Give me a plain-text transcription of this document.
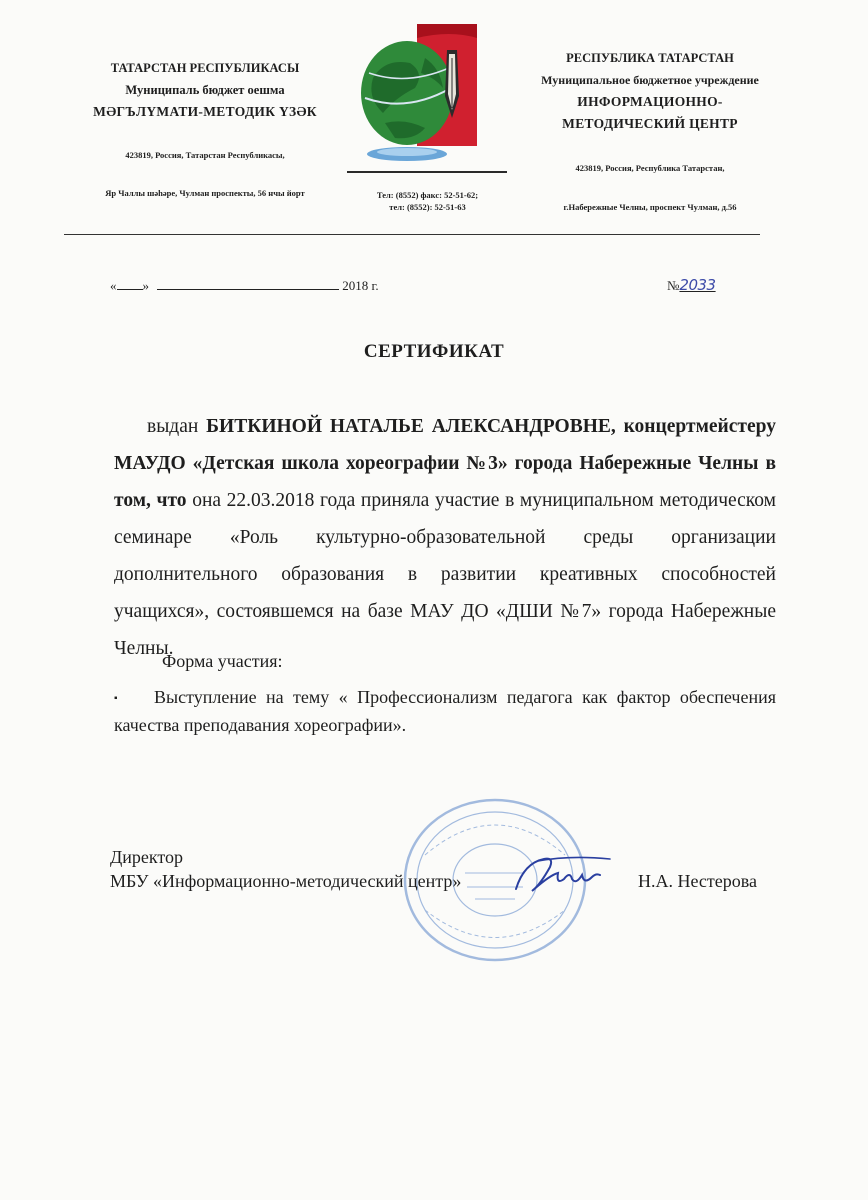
ТАТАРСТАН РЕСПУБЛИКАСЫ
Муниципаль бюджет оешма
МӘГЪЛҮМАТИ-МЕТОДИК ҮЗӘК
423819, Россия, Татарстан Республикасы,
Яр Чаллы шәһәре, Чулман проспекты, 56 нчы йорт	Тел: (8552) факс: 52-51-62;
тел: (8552): 52-51-63
РЕСПУБЛИКА ТАТАРСТАН
Муниципальное бюджетное учреждение
ИНФОРМАЦИОННО-
МЕТОДИЧЕСКИЙ ЦЕНТР
423819, Россия, Республика Татарстан,
г.Набережные Челны, проспект Чулман, д.56
« »	2018 г.	№2033
СЕРТИФИКАТ

выдан БИТКИНОЙ НАТАЛЬЕ АЛЕКСАНДРОВНЕ, концертмейстеру МАУДО «Детская школа хореографии №3» города Набережные Челны в том, что она 22.03.2018 года приняла участие в муниципальном методическом семинаре «Роль культурно-образовательной среды организации дополнительного образования в развитии креативных способностей учащихся», состоявшемся на базе МАУ ДО «ДШИ №7» города Набережные Челны.

Форма участия:

▪ Выступление на тему « Профессионализм педагога как фактор обеспечения качества преподавания хореографии».

Директор
МБУ «Информационно-методический центр»	Н.А. Нестерова
